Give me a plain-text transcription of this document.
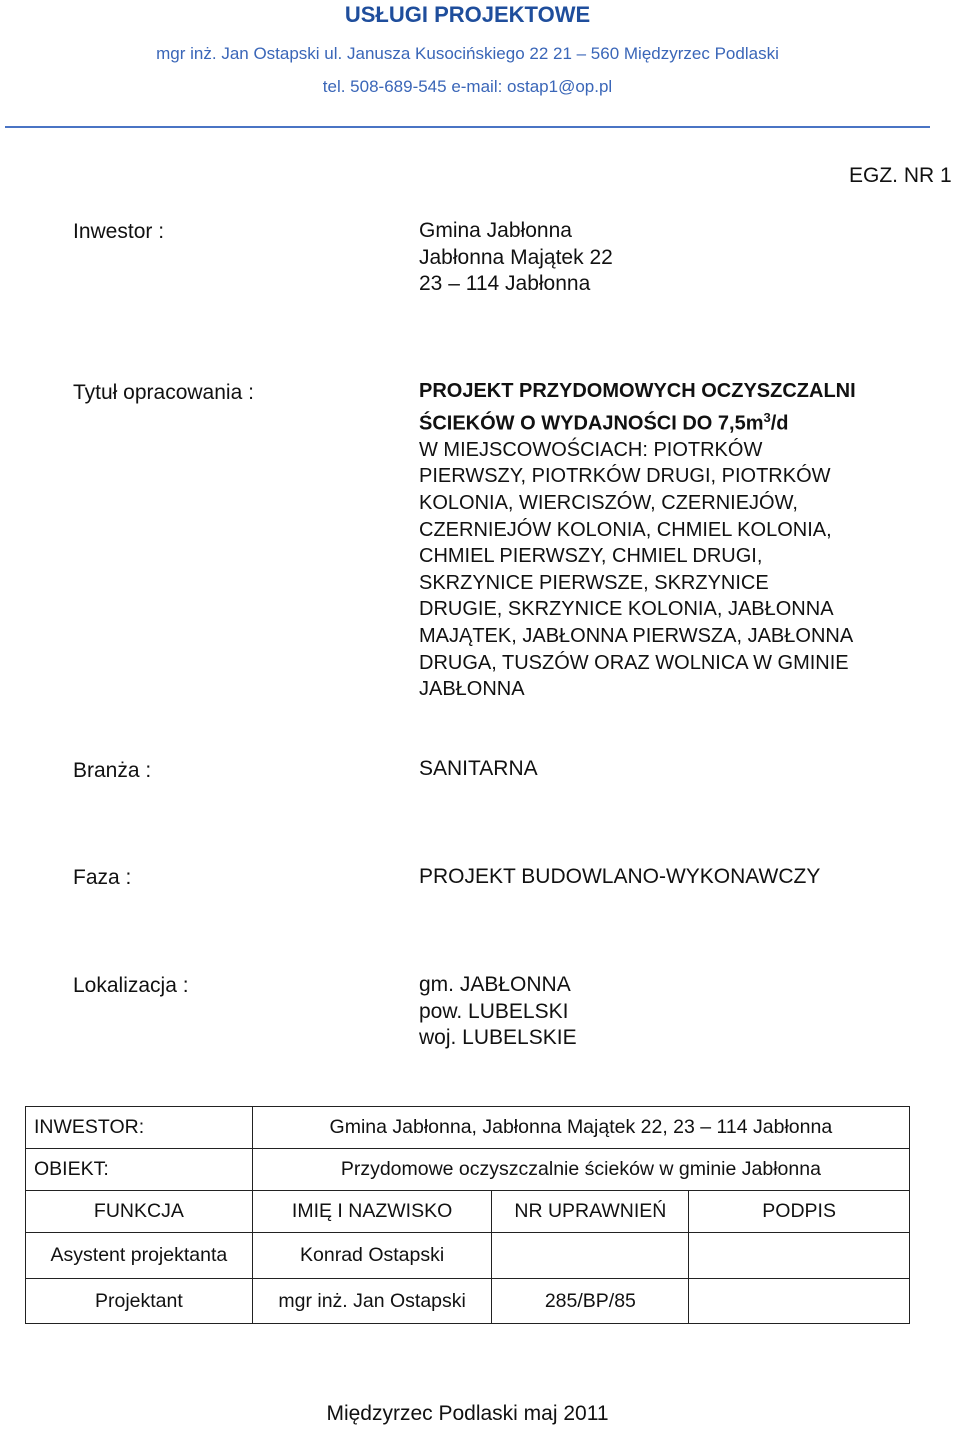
USŁUGI PROJEKTOWE
mgr inż. Jan Ostapski ul. Janusza Kusocińskiego 22 21 – 560 Międzyrzec Podlaski
tel. 508-689-545 e-mail: ostap1@op.pl
EGZ. NR 1
Inwestor :	Gmina Jabłonna
Jabłonna Majątek 22
23 – 114 Jabłonna
Tytuł opracowania :	PROJEKT PRZYDOMOWYCH OCZYSZCZALNI
ŚCIEKÓW O WYDAJNOŚCI DO $7,5m^3/d$
W MIEJSCOWOŚCIACH: PIOTRKÓW
PIERWSZY, PIOTRKÓW DRUGI, PIOTRKÓW
KOLONIA, WIERCISZÓW, CZERNIEJÓW,
CZERNIEJÓW KOLONIA, CHMIEL KOLONIA,
CHMIEL PIERWSZY, CHMIEL DRUGI,
SKRZYNICE PIERWSZE, SKRZYNICE
DRUGIE, SKRZYNICE KOLONIA, JABŁONNA
MAJĄTEK, JABŁONNA PIERWSZA, JABŁONNA
DRUGA, TUSZÓW ORAZ WOLNICA W GMINIE
JABŁONNA
Branża :	SANITARNA
Faza :	PROJEKT BUDOWLANO-WYKONAWCZY
Lokalizacja :	gm. JABŁONNA
pow. LUBELSKI
woj. LUBELSKIE
INWESTOR:	Gmina Jabłonna, Jabłonna Majątek 22, 23 – 114 Jabłonna		
OBIEKT:	Przydomowe oczyszczalnie ścieków w gminie Jabłonna		
FUNKCJA	IMIĘ I NAZWISKO	NR UPRAWNIEŃ	PODPIS
Asystent projektanta	Konrad Ostapski		
Projektant	mgr inż. Jan Ostapski	285/BP/85	
Międzyrzec Podlaski maj 2011
